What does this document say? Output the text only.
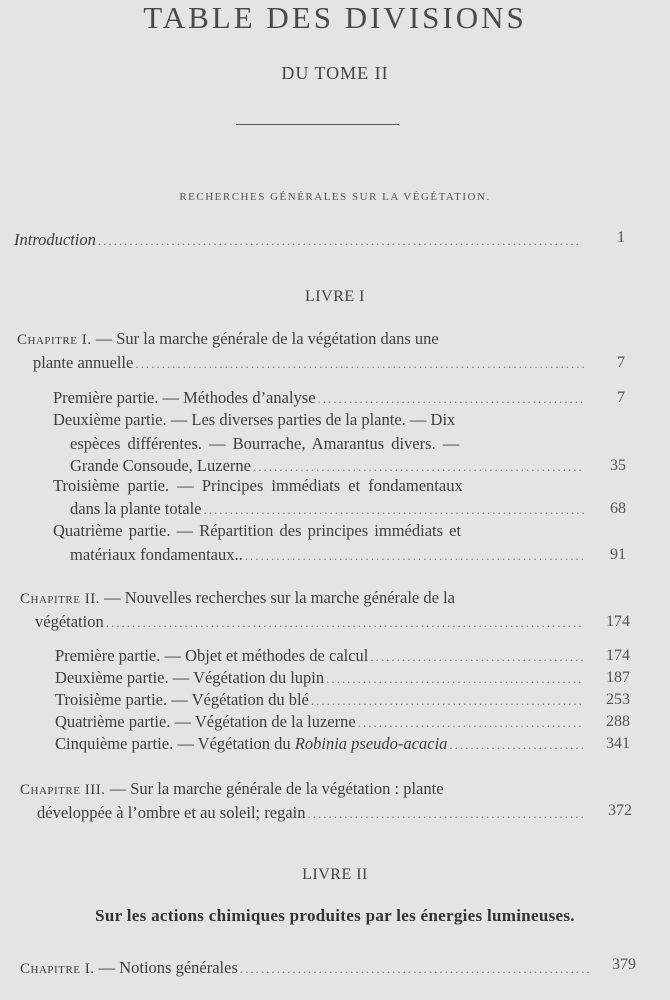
TABLE DES DIVISIONS
DU TOME II
RECHERCHES GÉNÉRALES SUR LA VÉGÉTATION.
Introduction .....	1
LIVRE I
Chapitre I. — Sur la marche générale de la végétation dans une
plante annuelle .....	7
Première partie. — Méthodes d’analyse .....	7
Deuxième partie. — Les diverses parties de la plante. — Dix
espèces différentes. — Bourrache, Amarantus divers. —
Grande Consoude, Luzerne .....	35
Troisième partie. — Principes immédiats et fondamentaux
dans la plante totale .....	68
Quatrième partie. — Répartition des principes immédiats et
matériaux fondamentaux.. .....	91
Chapitre II. — Nouvelles recherches sur la marche générale de la
végétation .....	174
Première partie. — Objet et méthodes de calcul .....	174
Deuxième partie. — Végétation du lupin .....	187
Troisième partie. — Végétation du blé .....	253
Quatrième partie. — Végétation de la luzerne .....	288
Cinquième partie. — Végétation du Robinia pseudo-acacia .....	341
Chapitre III. — Sur la marche générale de la végétation : plante
développée à l’ombre et au soleil; regain .....	372
LIVRE II
Sur les actions chimiques produites par les énergies lumineuses.
Chapitre I. — Notions générales .....	379
